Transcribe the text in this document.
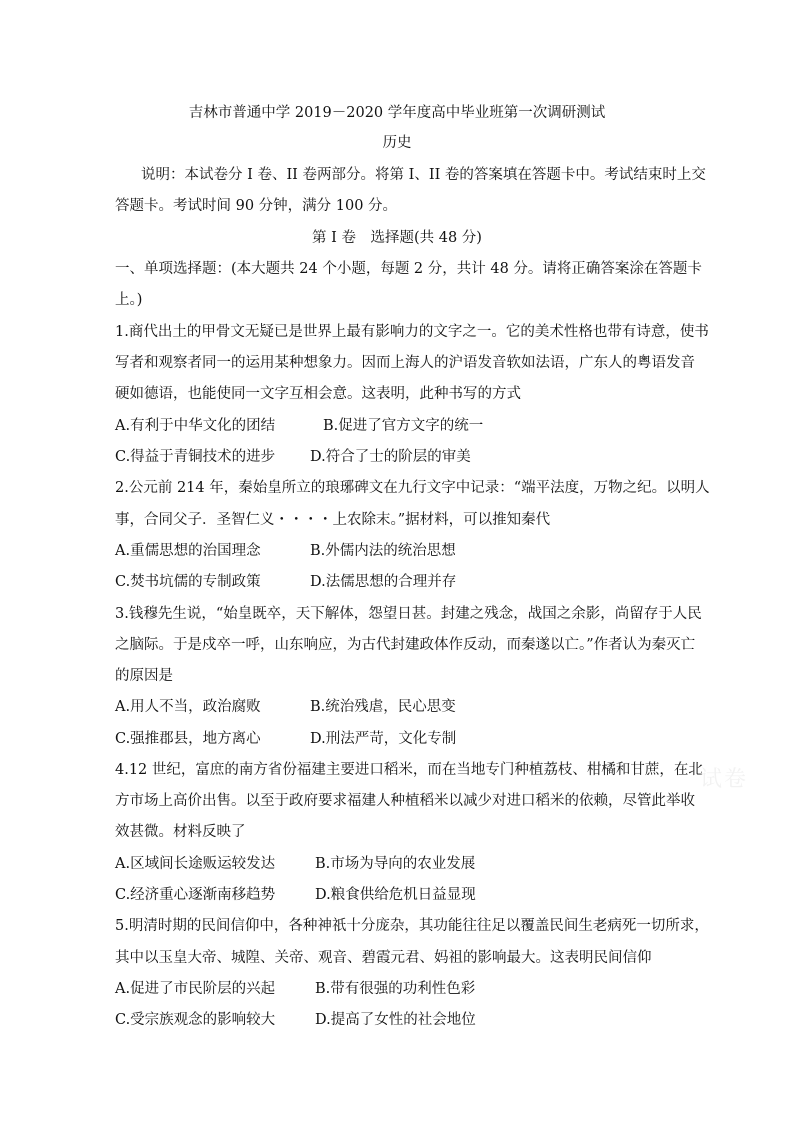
吉林市普通中学 2019－2020 学年度高中毕业班第一次调研测试
历史
说明：本试卷分 I 卷、II 卷两部分。将第 I、II 卷的答案填在答题卡中。考试结束时上交
答题卡。考试时间 90 分钟，满分 100 分。
第 I 卷　选择题(共 48 分)
一、单项选择题：(本大题共 24 个小题，每题 2 分，共计 48 分。请将正确答案涂在答题卡
上。)
1.商代出土的甲骨文无疑已是世界上最有影响力的文字之一。它的美术性格也带有诗意，使书
写者和观察者同一的运用某种想象力。因而上海人的沪语发音软如法语，广东人的粤语发音
硬如德语，也能使同一文字互相会意。这表明，此种书写的方式
A.有利于中华文化的团结	B.促进了官方文字的统一
C.得益于青铜技术的进步 D.符合了士的阶层的审美
2.公元前 214 年，秦始皇所立的琅琊碑文在九行文字中记录：“端平法度，万物之纪。以明人
事，合同父子．圣智仁义・・・・上农除末。”据材料，可以推知秦代
A.重儒思想的治国理念	B.外儒内法的统治思想
C.焚书坑儒的专制政策	D.法儒思想的合理并存
3.钱穆先生说，“始皇既卒，天下解体，怨望日甚。封建之残念，战国之余影，尚留存于人民
之脑际。于是戍卒一呼，山东响应，为古代封建政体作反动，而秦遂以亡。”作者认为秦灭亡
的原因是
A.用人不当，政治腐败	B.统治残虐，民心思变
C.强推郡县，地方离心	D.刑法严苛，文化专制
4.12 世纪，富庶的南方省份福建主要进口稻米，而在当地专门种植荔枝、柑橘和甘蔗，在北
方市场上高价出售。以至于政府要求福建人种植稻米以减少对进口稻米的依赖，尽管此举收
效甚微。材料反映了
A.区域间长途贩运较发达	B.市场为导向的农业发展
C.经济重心逐渐南移趋势	D.粮食供给危机日益显现
5.明清时期的民间信仰中，各种神祇十分庞杂，其功能往往足以覆盖民间生老病死一切所求，
其中以玉皇大帝、城隍、关帝、观音、碧霞元君、妈祖的影响最大。这表明民间信仰
A.促进了市民阶层的兴起	B.带有很强的功利性色彩
C.受宗族观念的影响较大	D.提高了女性的社会地位
试卷
